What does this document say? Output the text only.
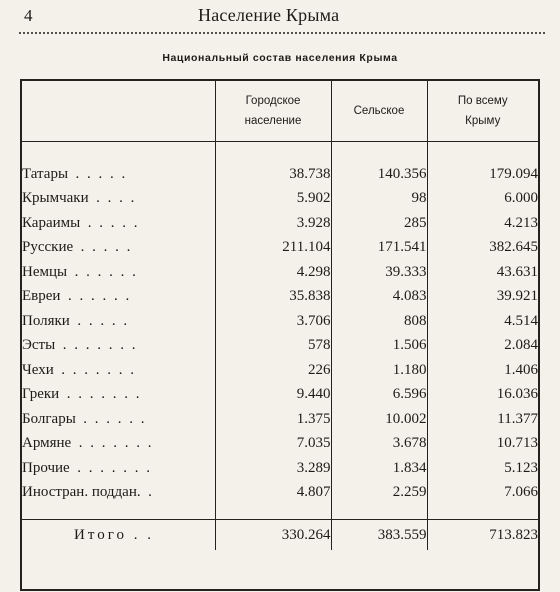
4	Население Крыма
Национальный состав населения Крыма
	Городское население	Сельское	По всему Крыму

Татары . . . . .	38.738	140.356	179.094
Крымчаки . . . .	5.902	98	6.000
Караимы . . . . .	3.928	285	4.213
Русские . . . . .	211.104	171.541	382.645
Немцы . . . . . .	4.298	39.333	43.631
Евреи . . . . . .	35.838	4.083	39.921
Поляки . . . . .	3.706	808	4.514
Эсты . . . . . . .	578	1.506	2.084
Чехи . . . . . . .	226	1.180	1.406
Греки . . . . . . .	9.440	6.596	16.036
Болгары . . . . . .	1.375	10.002	11.377
Армяне . . . . . . .	7.035	3.678	10.713
Прочие . . . . . . .	3.289	1.834	5.123
Иностран. поддан. .	4.807	2.259	7.066

Итого . .	330.264	383.559	713.823
